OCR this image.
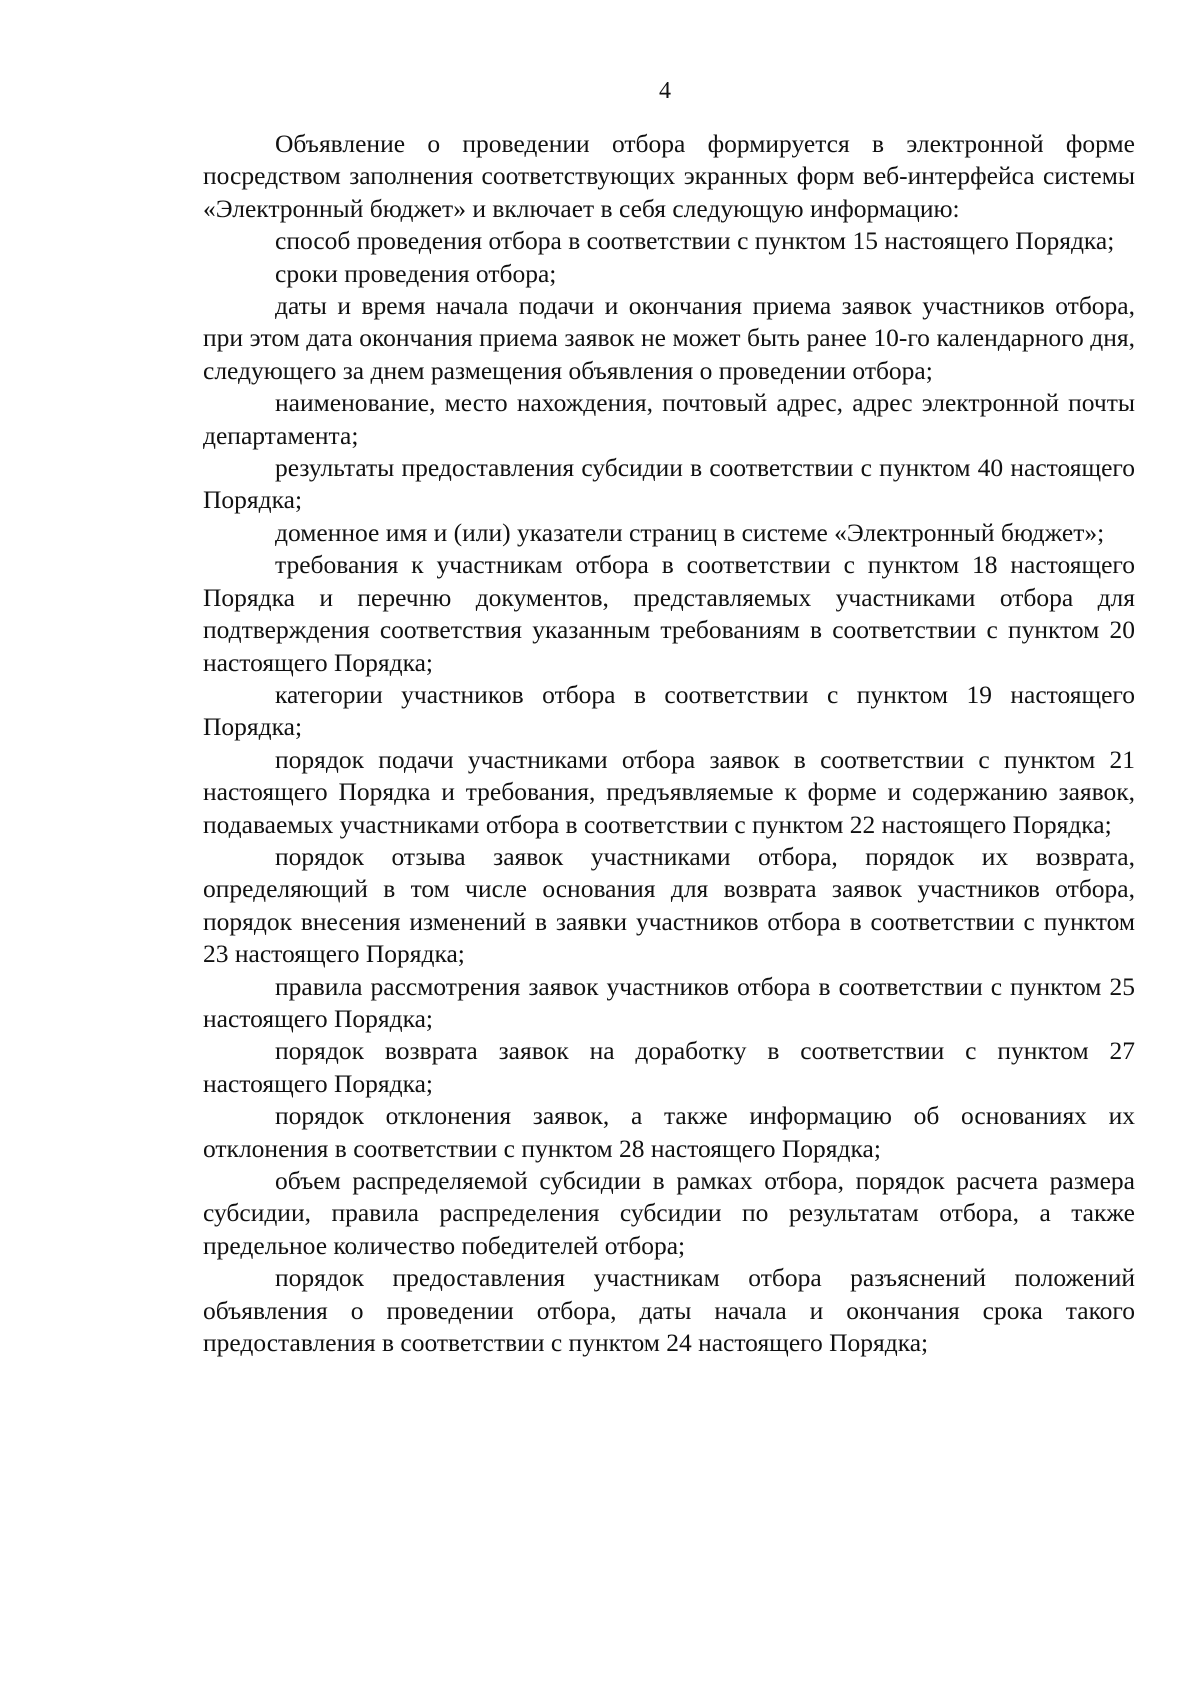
4

Объявление о проведении отбора формируется в электронной форме посредством заполнения соответствующих экранных форм веб-интерфейса системы «Электронный бюджет» и включает в себя следующую информацию:

способ проведения отбора в соответствии с пунктом 15 настоящего Порядка;

сроки проведения отбора;

даты и время начала подачи и окончания приема заявок участников отбора, при этом дата окончания приема заявок не может быть ранее 10-го календарного дня, следующего за днем размещения объявления о проведении отбора;

наименование, место нахождения, почтовый адрес, адрес электронной почты департамента;

результаты предоставления субсидии в соответствии с пунктом 40 настоящего Порядка;

доменное имя и (или) указатели страниц в системе «Электронный бюджет»;

требования к участникам отбора в соответствии с пунктом 18 настоящего Порядка и перечню документов, представляемых участниками отбора для подтверждения соответствия указанным требованиям в соответствии с пунктом 20 настоящего Порядка;

категории участников отбора в соответствии с пунктом 19 настоящего Порядка;

порядок подачи участниками отбора заявок в соответствии с пунктом 21 настоящего Порядка и требования, предъявляемые к форме и содержанию заявок, подаваемых участниками отбора в соответствии с пунктом 22 настоящего Порядка;

порядок отзыва заявок участниками отбора, порядок их возврата, определяющий в том числе основания для возврата заявок участников отбора, порядок внесения изменений в заявки участников отбора в соответствии с пунктом 23 настоящего Порядка;

правила рассмотрения заявок участников отбора в соответствии с пунктом 25 настоящего Порядка;

порядок возврата заявок на доработку в соответствии с пунктом 27 настоящего Порядка;

порядок отклонения заявок, а также информацию об основаниях их отклонения в соответствии с пунктом 28 настоящего Порядка;

объем распределяемой субсидии в рамках отбора, порядок расчета размера субсидии, правила распределения субсидии по результатам отбора, а также предельное количество победителей отбора;

порядок предоставления участникам отбора разъяснений положений объявления о проведении отбора, даты начала и окончания срока такого предоставления в соответствии с пунктом 24 настоящего Порядка;
